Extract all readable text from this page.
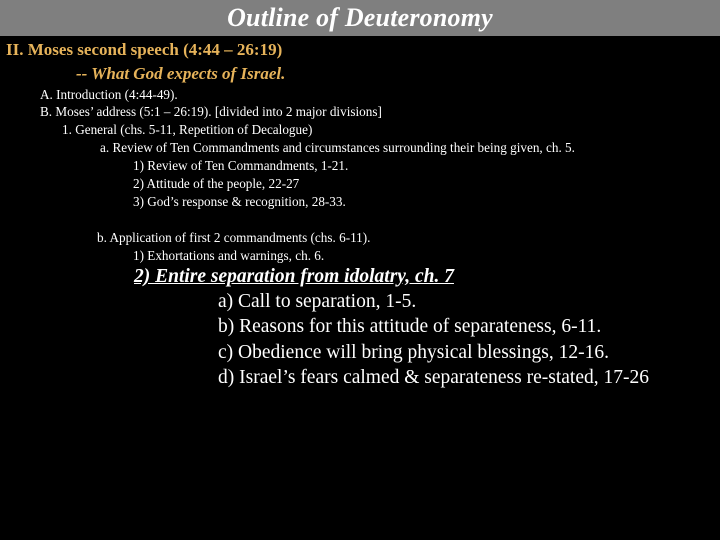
Outline of Deuteronomy
II. Moses second speech (4:44 – 26:19)
-- What God expects of Israel.
A. Introduction (4:44-49).
B. Moses’ address (5:1 – 26:19). [divided into 2 major divisions]
1. General (chs. 5-11, Repetition of Decalogue)
a. Review of Ten Commandments and circumstances surrounding their being given, ch. 5.
1) Review of Ten Commandments, 1-21.
2) Attitude of the people, 22-27
3) God’s response & recognition, 28-33.
b. Application of first 2 commandments (chs. 6-11).
1) Exhortations and warnings, ch. 6.
2) Entire separation from idolatry, ch. 7
a) Call to separation, 1-5.
b) Reasons for this attitude of separateness, 6-11.
c) Obedience will bring physical blessings, 12-16.
d) Israel’s fears calmed & separateness re-stated, 17-26
